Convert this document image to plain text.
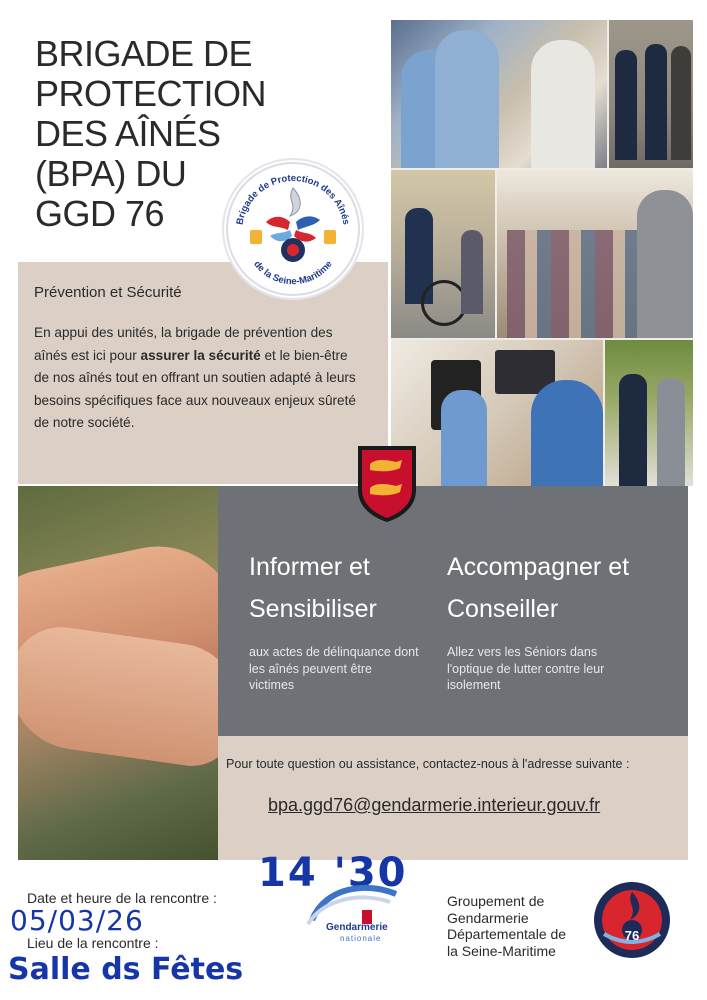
BRIGADE DE
PROTECTION
DES AÎNÉS
(BPA) DU
GGD 76	Brigade de Protection des Aînés
de la Seine-Maritime
Prévention et Sécurité
En appui des unités, la brigade de prévention des aînés est ici pour assurer la sécurité et le bien-être de nos aînés tout en offrant un soutien adapté à leurs besoins spécifiques face aux nouveaux enjeux sûreté de notre société.
Informer et
Sensibiliser
aux actes de délinquance dont les aînés peuvent être victimes
Accompagner et
Conseiller
Allez vers les Séniors dans l'optique de lutter contre leur isolement
Pour toute question ou assistance, contactez-nous à l'adresse suivante :
bpa.ggd76@gendarmerie.interieur.gouv.fr
Date et heure de la rencontre :
14 '30
05/03/26
Lieu de la rencontre :
Salle ds Fêtes
Gendarmerie
nationale
Groupement de
Gendarmerie
Départementale de
la Seine-Maritime
76
